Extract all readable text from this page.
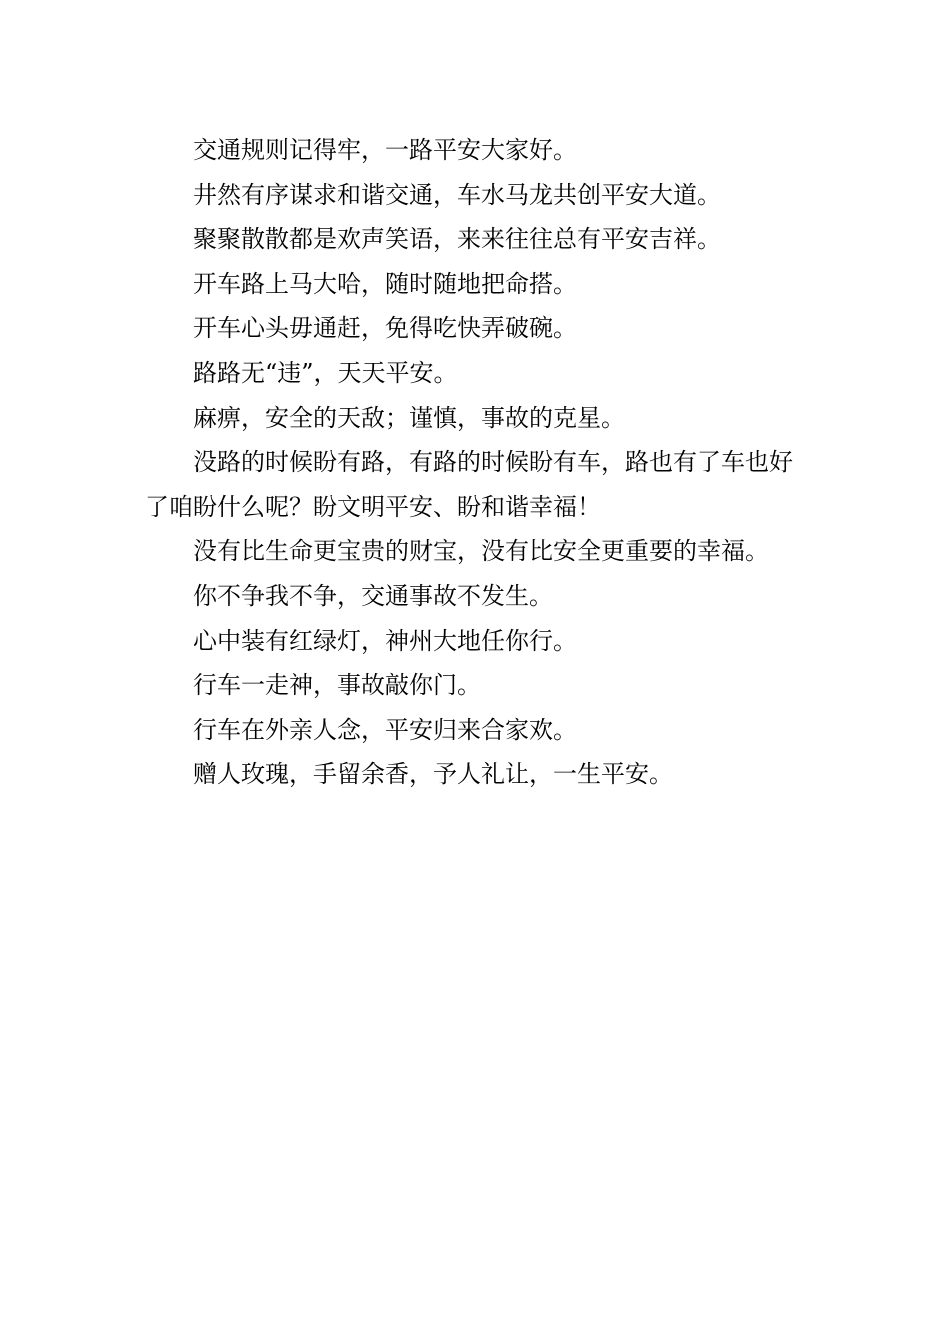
交通规则记得牢，一路平安大家好。

井然有序谋求和谐交通，车水马龙共创平安大道。

聚聚散散都是欢声笑语，来来往往总有平安吉祥。

开车路上马大哈，随时随地把命搭。

开车心头毋通赶，免得吃快弄破碗。

路路无“违”，天天平安。

麻痹，安全的天敌；谨慎，事故的克星。

没路的时候盼有路，有路的时候盼有车，路也有了车也好了咱盼什么呢？盼文明平安、盼和谐幸福！

没有比生命更宝贵的财宝，没有比安全更重要的幸福。

你不争我不争，交通事故不发生。

心中装有红绿灯，神州大地任你行。

行车一走神，事故敲你门。

行车在外亲人念，平安归来合家欢。

赠人玫瑰，手留余香，予人礼让，一生平安。
